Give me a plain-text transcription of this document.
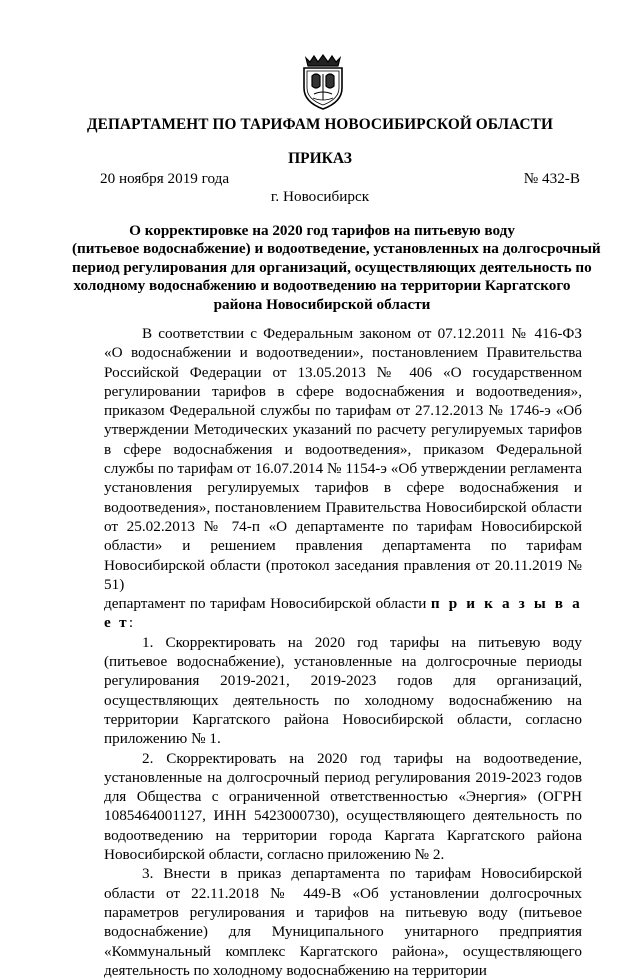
ДЕПАРТАМЕНТ ПО ТАРИФАМ НОВОСИБИРСКОЙ ОБЛАСТИ
ПРИКАЗ
20 ноября 2019 года	№ 432-В
г. Новосибирск
О корректировке на 2020 год тарифов на питьевую воду
(питьевое водоснабжение) и водоотведение, установленных на долгосрочный
период регулирования для организаций, осуществляющих деятельность по
холодному водоснабжению и водоотведению на территории Каргатского
района Новосибирской области

В соответствии с Федеральным законом от 07.12.2011 № 416-ФЗ «О водоснабжении и водоотведении», постановлением Правительства Российской Федерации от 13.05.2013 № 406 «О государственном регулировании тарифов в сфере водоснабжения и водоотведения», приказом Федеральной службы по тарифам от 27.12.2013 № 1746-э «Об утверждении Методических указаний по расчету регулируемых тарифов в сфере водоснабжения и водоотведения», приказом Федеральной службы по тарифам от 16.07.2014 № 1154-э «Об утверждении регламента установления регулируемых тарифов в сфере водоснабжения и водоотведения», постановлением Правительства Новосибирской области от 25.02.2013 № 74-п «О департаменте по тарифам Новосибирской области» и решением правления департамента по тарифам Новосибирской области (протокол заседания правления от 20.11.2019 № 51)

департамент по тарифам Новосибирской области п р и к а з ы в а е т:

1. Скорректировать на 2020 год тарифы на питьевую воду (питьевое водоснабжение), установленные на долгосрочные периоды регулирования 2019-2021, 2019-2023 годов для организаций, осуществляющих деятельность по холодному водоснабжению на территории Каргатского района Новосибирской области, согласно приложению № 1.

2. Скорректировать на 2020 год тарифы на водоотведение, установленные на долгосрочный период регулирования 2019-2023 годов для Общества с ограниченной ответственностью «Энергия» (ОГРН 1085464001127, ИНН 5423000730), осуществляющего деятельность по водоотведению на территории города Каргата Каргатского района Новосибирской области, согласно приложению № 2.

3. Внести в приказ департамента по тарифам Новосибирской области от 22.11.2018 № 449-В «Об установлении долгосрочных параметров регулирования и тарифов на питьевую воду (питьевое водоснабжение) для Муниципального унитарного предприятия «Коммунальный комплекс Каргатского района», осуществляющего деятельность по холодному водоснабжению на территории
